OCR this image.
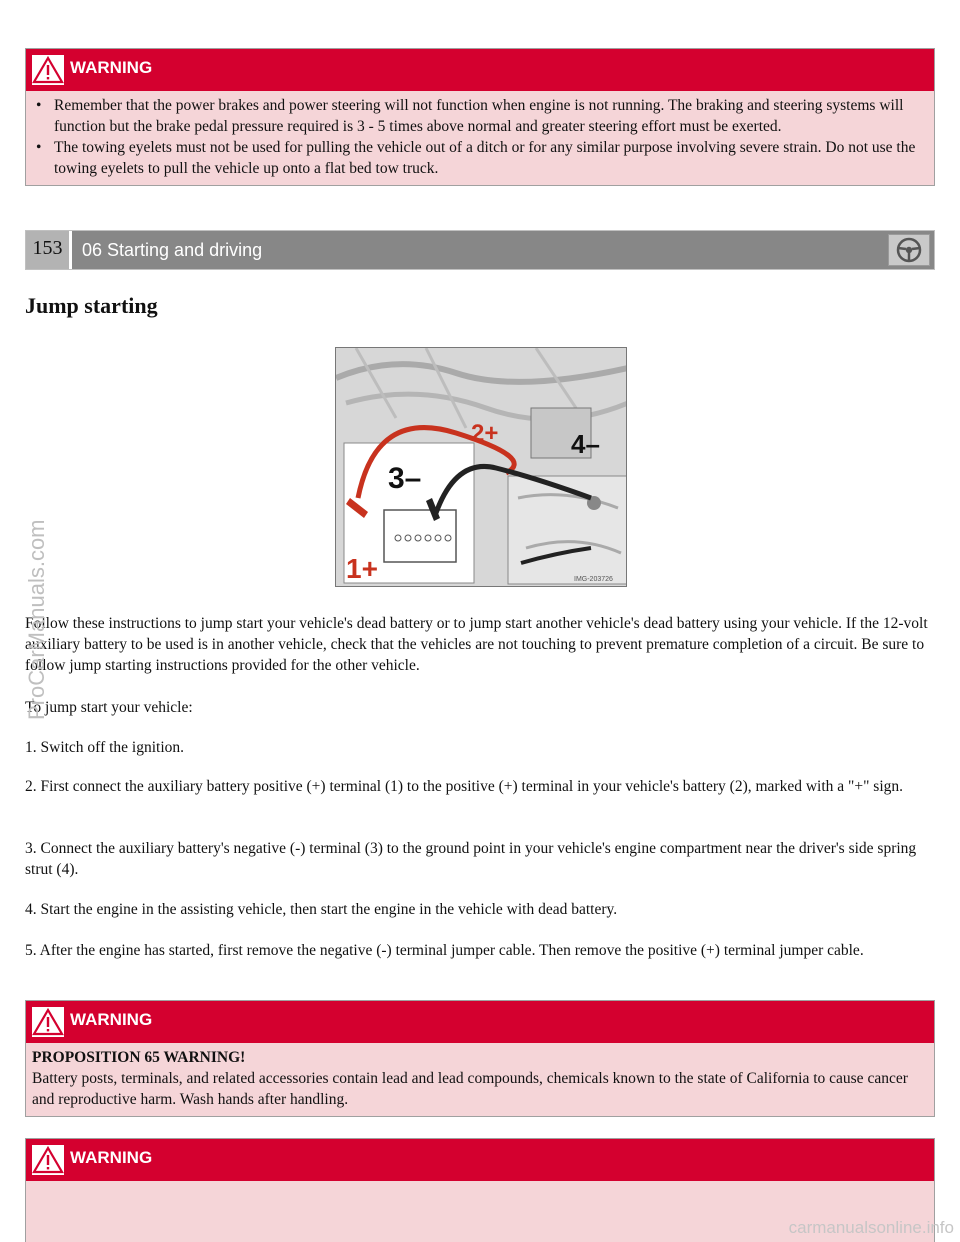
WARNING
• Remember that the power brakes and power steering will not function when engine is not running. The braking and steering systems will function but the brake pedal pressure required is 3 - 5 times above normal and greater steering effort must be exerted.
• The towing eyelets must not be used for pulling the vehicle out of a ditch or for any similar purpose involving severe strain. Do not use the towing eyelets to pull the vehicle up onto a flat bed tow truck.
153	06 Starting and driving
Jump starting
2+	4–
3–
1+	IMG-203726

Follow these instructions to jump start your vehicle's dead battery or to jump start another vehicle's dead battery using your vehicle. If the 12-volt auxiliary battery to be used is in another vehicle, check that the vehicles are not touching to prevent premature completion of a circuit. Be sure to follow jump starting instructions provided for the other vehicle.

To jump start your vehicle:

1. Switch off the ignition.

2. First connect the auxiliary battery positive (+) terminal (1) to the positive (+) terminal in your vehicle's battery (2), marked with a "+" sign.

3. Connect the auxiliary battery's negative (-) terminal (3) to the ground point in your vehicle's engine compartment near the driver's side spring strut (4).

4. Start the engine in the assisting vehicle, then start the engine in the vehicle with dead battery.

5. After the engine has started, first remove the negative (-) terminal jumper cable. Then remove the positive (+) terminal jumper cable.

WARNING
PROPOSITION 65 WARNING!
Battery posts, terminals, and related accessories contain lead and lead compounds, chemicals known to the state of California to cause cancer and reproductive harm. Wash hands after handling.
WARNING
ProCarManuals.com
carmanualsonline.info
